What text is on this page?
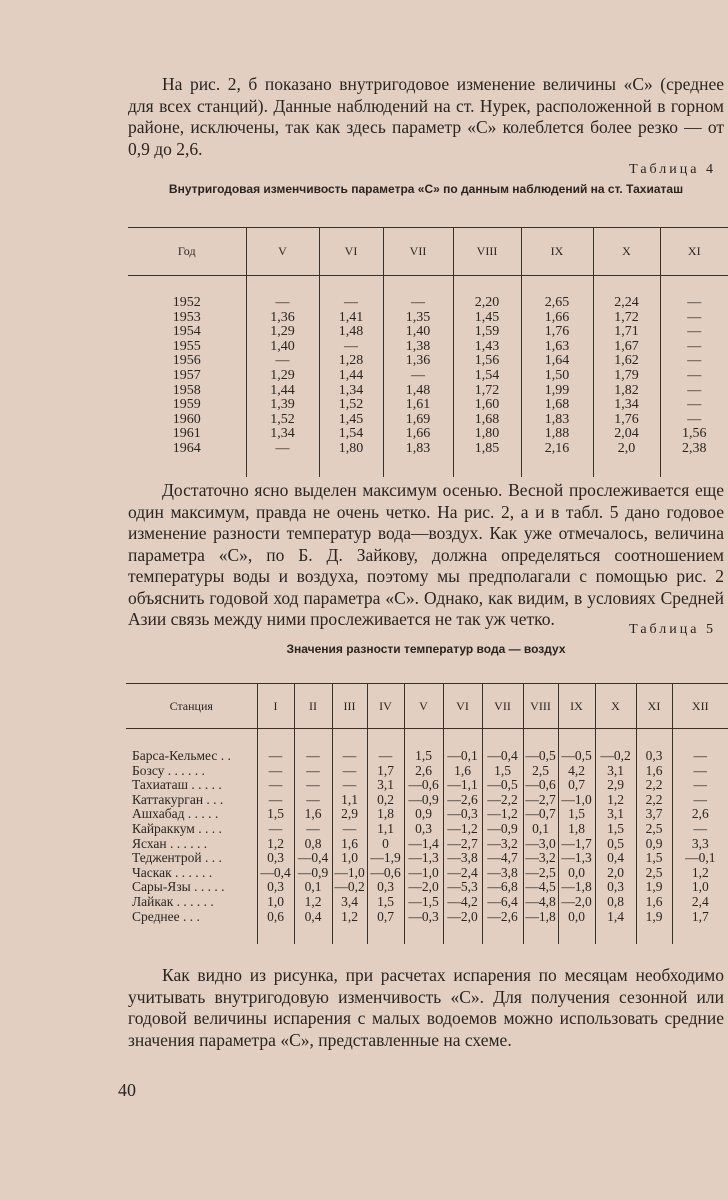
На рис. 2, б показано внутригодовое изменение величины «С» (среднее для всех станций). Данные наблюдений на ст. Нурек, расположенной в горном районе, исключены, так как здесь параметр «С» колеблется более резко — от 0,9 до 2,6.

Таблица 4
Внутригодовая изменчивость параметра «С» по данным наблюдений на ст. Тахиаташ
Год	V	VI	VII	VIII	IX	X	XI

1952	—	—	—	2,20	2,65	2,24	—
1953	1,36	1,41	1,35	1,45	1,66	1,72	—
1954	1,29	1,48	1,40	1,59	1,76	1,71	—
1955	1,40	—	1,38	1,43	1,63	1,67	—
1956	—	1,28	1,36	1,56	1,64	1,62	—
1957	1,29	1,44	—	1,54	1,50	1,79	—
1958	1,44	1,34	1,48	1,72	1,99	1,82	—
1959	1,39	1,52	1,61	1,60	1,68	1,34	—
1960	1,52	1,45	1,69	1,68	1,83	1,76	—
1961	1,34	1,54	1,66	1,80	1,88	2,04	1,56
1964	—	1,80	1,83	1,85	2,16	2,0	2,38

Достаточно ясно выделен максимум осенью. Весной прослеживается еще один максимум, правда не очень четко. На рис. 2, а и в табл. 5 дано годовое изменение разности температур вода—воздух. Как уже отмечалось, величина параметра «С», по Б. Д. Зайкову, должна определяться соотношением температуры воды и воздуха, поэтому мы предполагали с помощью рис. 2 объяснить годовой ход параметра «С». Однако, как видим, в условиях Средней Азии связь между ними прослеживается не так уж четко.

Таблица 5
Значения разности температур вода — воздух
Станция	I	II	III	IV	V	VI	VII	VIII	IX	X	XI	XII

Барса-Кельмес . .	—	—	—	—	1,5	—0,1	—0,4	—0,5	—0,5	—0,2	0,3	—
Бозсу . . . . . .	—	—	—	1,7	2,6	1,6	1,5	2,5	4,2	3,1	1,6	—
Тахиаташ . . . . .	—	—	—	3,1	—0,6	—1,1	—0,5	—0,6	0,7	2,9	2,2	—
Каттакурган . . .	—	—	1,1	0,2	—0,9	—2,6	—2,2	—2,7	—1,0	1,2	2,2	—
Ашхабад . . . . .	1,5	1,6	2,9	1,8	0,9	—0,3	—1,2	—0,7	1,5	3,1	3,7	2,6
Кайраккум . . . .	—	—	—	1,1	0,3	—1,2	—0,9	0,1	1,8	1,5	2,5	—
Ясхан . . . . . .	1,2	0,8	1,6	0	—1,4	—2,7	—3,2	—3,0	—1,7	0,5	0,9	3,3
Теджентрой . . .	0,3	—0,4	1,0	—1,9	—1,3	—3,8	—4,7	—3,2	—1,3	0,4	1,5	—0,1
Часкак . . . . . .	—0,4	—0,9	—1,0	—0,6	—1,0	—2,4	—3,8	—2,5	0,0	2,0	2,5	1,2
Сары-Язы . . . . .	0,3	0,1	—0,2	0,3	—2,0	—5,3	—6,8	—4,5	—1,8	0,3	1,9	1,0
Лайкак . . . . . .	1,0	1,2	3,4	1,5	—1,5	—4,2	—6,4	—4,8	—2,0	0,8	1,6	2,4
Среднее . . .	0,6	0,4	1,2	0,7	—0,3	—2,0	—2,6	—1,8	0,0	1,4	1,9	1,7

Как видно из рисунка, при расчетах испарения по месяцам необходимо учитывать внутригодовую изменчивость «С». Для получения сезонной или годовой величины испарения с малых водоемов можно использовать средние значения параметра «С», представленные на схеме.

40
